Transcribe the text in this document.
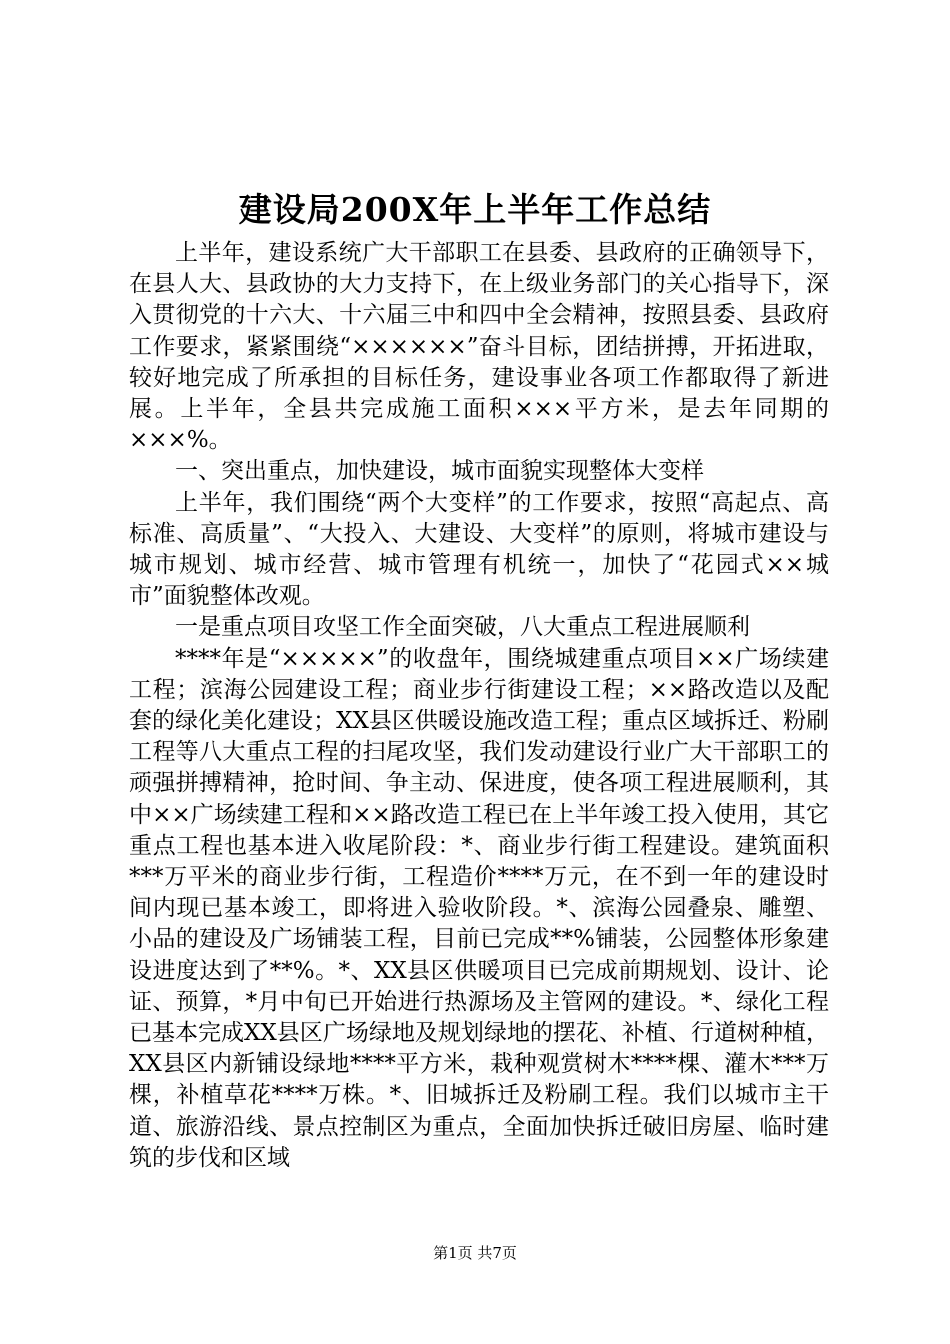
建设局200X年上半年工作总结

上半年，建设系统广大干部职工在县委、县政府的正确领导下，在县人大、县政协的大力支持下，在上级业务部门的关心指导下，深入贯彻党的十六大、十六届三中和四中全会精神，按照县委、县政府工作要求，紧紧围绕“××××××”奋斗目标，团结拼搏，开拓进取，较好地完成了所承担的目标任务，建设事业各项工作都取得了新进展。上半年，全县共完成施工面积×××平方米，是去年同期的×××%。

一、突出重点，加快建设，城市面貌实现整体大变样

上半年，我们围绕“两个大变样”的工作要求，按照“高起点、高标准、高质量”、“大投入、大建设、大变样”的原则，将城市建设与城市规划、城市经营、城市管理有机统一，加快了“花园式××城市”面貌整体改观。

一是重点项目攻坚工作全面突破，八大重点工程进展顺利

****年是“×××××”的收盘年，围绕城建重点项目××广场续建工程；滨海公园建设工程；商业步行街建设工程；××路改造以及配套的绿化美化建设；XX县区供暖设施改造工程；重点区域拆迁、粉刷工程等八大重点工程的扫尾攻坚，我们发动建设行业广大干部职工的顽强拼搏精神，抢时间、争主动、保进度，使各项工程进展顺利，其中××广场续建工程和××路改造工程已在上半年竣工投入使用，其它重点工程也基本进入收尾阶段：*、商业步行街工程建设。建筑面积***万平米的商业步行街，工程造价****万元，在不到一年的建设时间内现已基本竣工，即将进入验收阶段。*、滨海公园叠泉、雕塑、小品的建设及广场铺装工程，目前已完成**%铺装，公园整体形象建设进度达到了**%。*、XX县区供暖项目已完成前期规划、设计、论证、预算，*月中旬已开始进行热源场及主管网的建设。*、绿化工程已基本完成XX县区广场绿地及规划绿地的摆花、补植、行道树种植，XX县区内新铺设绿地****平方米，栽种观赏树木****棵、灌木***万棵，补植草花****万株。*、旧城拆迁及粉刷工程。我们以城市主干道、旅游沿线、景点控制区为重点，全面加快拆迁破旧房屋、临时建筑的步伐和区域

第1页 共7页
